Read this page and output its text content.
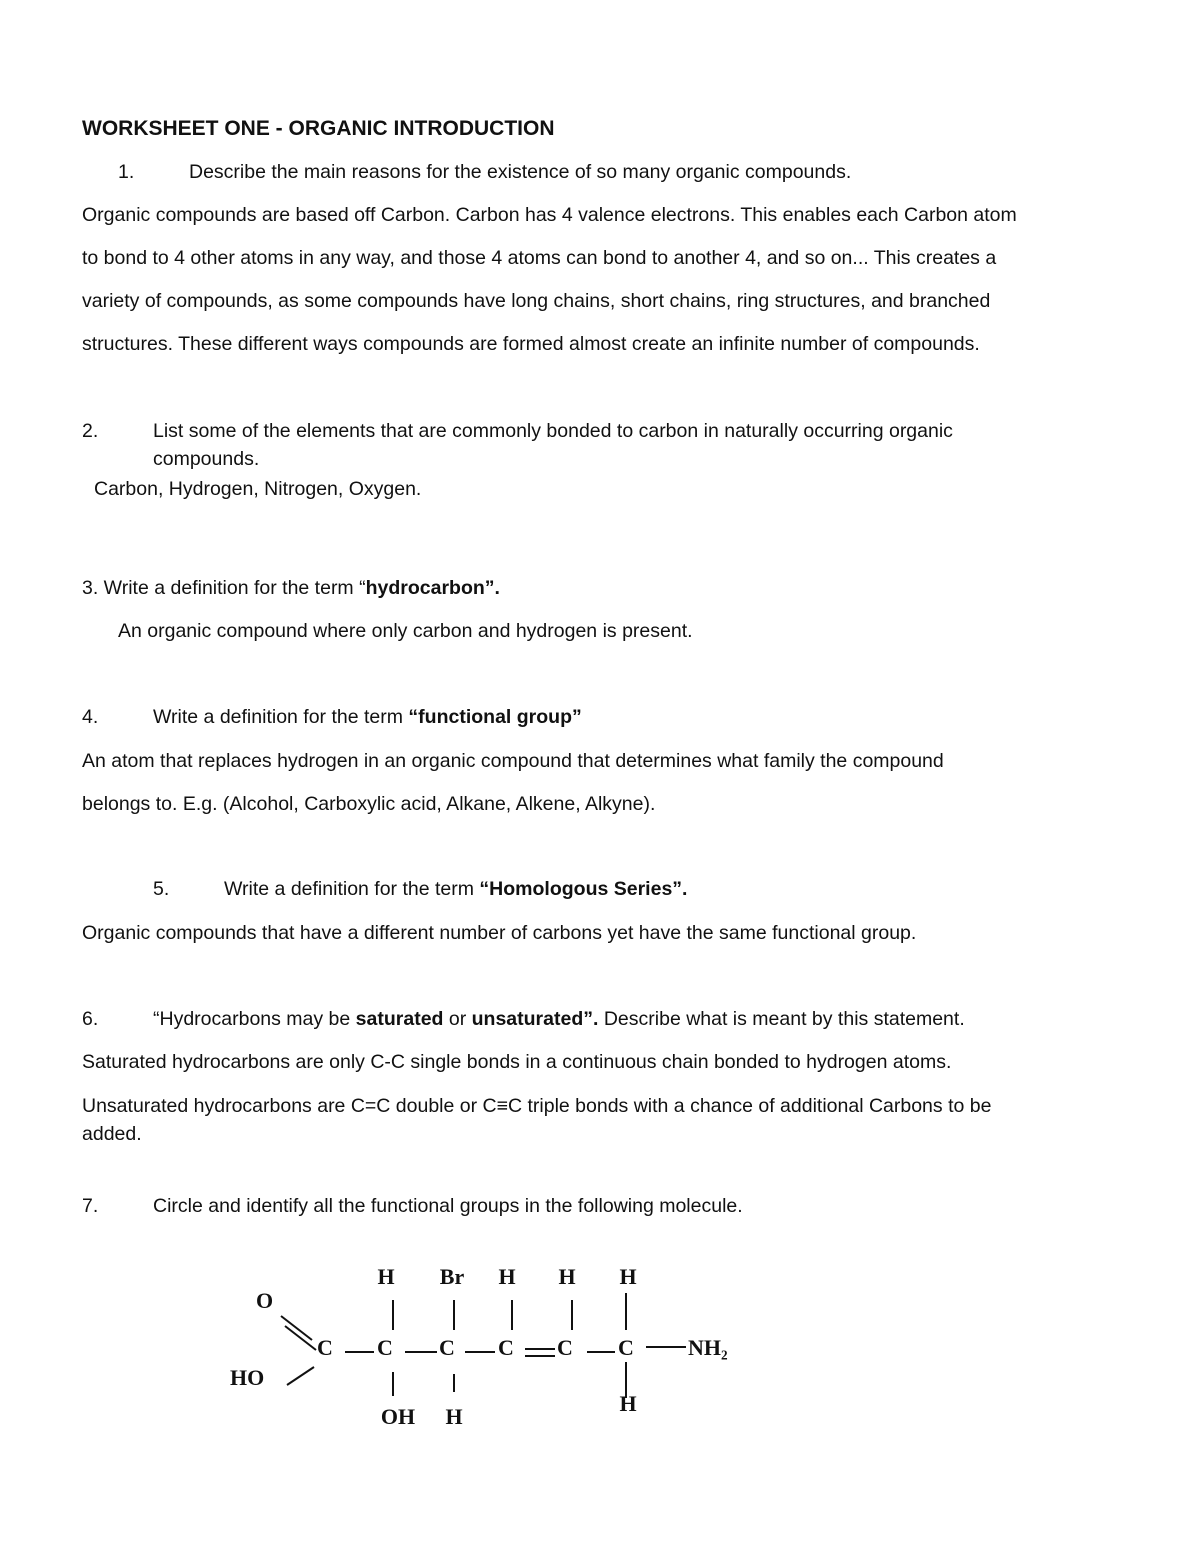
WORKSHEET ONE - ORGANIC INTRODUCTION
1.	Describe the main reasons for the existence of so many organic compounds.
Organic compounds are based off Carbon. Carbon has 4 valence electrons. This enables each Carbon atom
to bond to 4 other atoms in any way, and those 4 atoms can bond to another 4, and so on... This creates a
variety of compounds, as some compounds have long chains, short chains, ring structures, and branched
structures. These different ways compounds are formed almost create an infinite number of compounds.
2.	List some of the elements that are commonly bonded to carbon in naturally occurring organic
compounds.
Carbon, Hydrogen, Nitrogen, Oxygen.
3. Write a definition for the term “hydrocarbon”.
An organic compound where only carbon and hydrogen is present.
4.	Write a definition for the term “functional group”
An atom that replaces hydrogen in an organic compound that determines what family the compound
belongs to. E.g. (Alcohol, Carboxylic acid, Alkane, Alkene, Alkyne).
5.	Write a definition for the term “Homologous Series”.
Organic compounds that have a different number of carbons yet have the same functional group.
6.	“Hydrocarbons may be saturated or unsaturated”. Describe what is meant by this statement.
Saturated hydrocarbons are only C-C single bonds in a continuous chain bonded to hydrogen atoms.
Unsaturated hydrocarbons are C=C double or C≡C triple bonds with a chance of additional Carbons to be
added.
7.	Circle and identify all the functional groups in the following molecule.
H Br H H H
O
HO
C C C C C C NH₂
OH H
H
